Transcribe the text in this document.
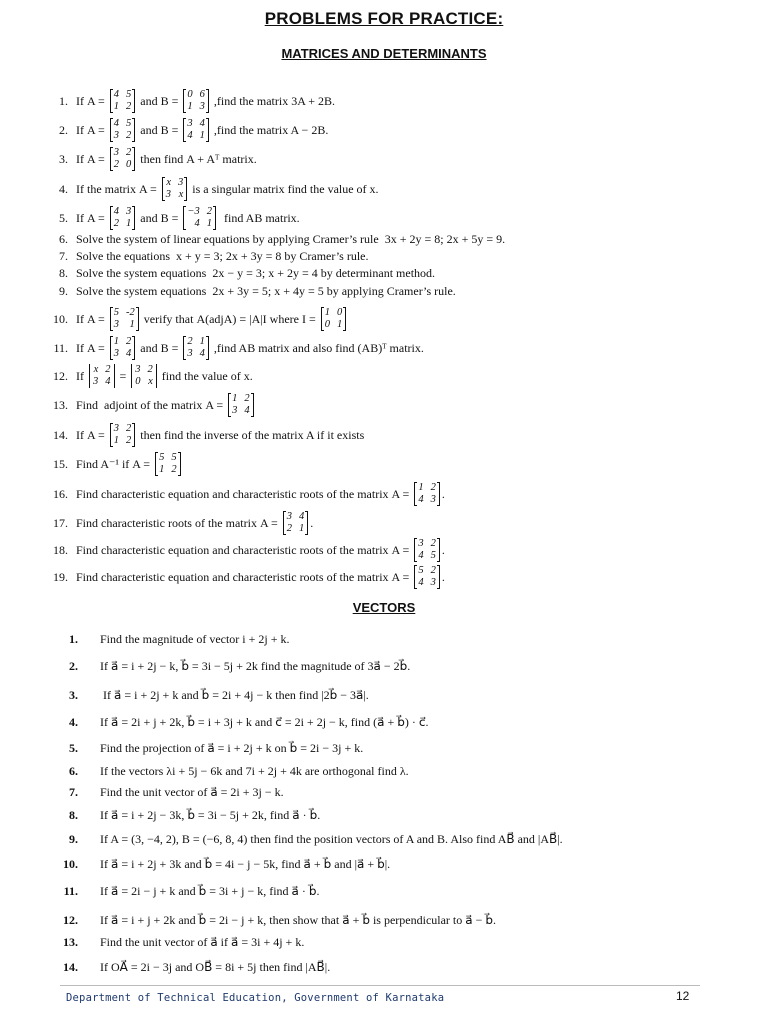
PROBLEMS FOR PRACTICE:
MATRICES AND DETERMINANTS
1. If A = 4 5
1 2 and B = 0 6
1 3 ,find the matrix 3A + 2B.
2. If A = 4 5
3 2 and B = 3 4
4 1 ,find the matrix A − 2B.
3. If A = 3 2
2 0 then find A + Aᵀ matrix.
4. If the matrix A = x 3
3 x is a singular matrix find the value of x.
5. If A = 4 3
2 1 and B = −3 2
4 1 find AB matrix.
6. Solve the system of linear equations by applying Cramer’s rule  3x + 2y = 8; 2x + 5y = 9.
7. Solve the equations  x + y = 3; 2x + 3y = 8 by Cramer’s rule.
8. Solve the system equations  2x − y = 3; x + 2y = 4 by determinant method.
9. Solve the system equations  2x + 3y = 5; x + 4y = 5 by applying Cramer’s rule.
10. If A = 5 -2
3	1 verify that A(adjA) = |A|I where I = 1 0
0 1
11. If A = 1 2
3 4 and B = 2 1
3 4 ,find AB matrix and also find (AB)ᵀ matrix.
12. If x 2
3 4 = 3 2
0 x find the value of x.
13. Find  adjoint of the matrix A = 1 2
3 4
14. If A = 3 2
1 2 then find the inverse of the matrix A if it exists
15. Find A⁻¹ if A = 5 5
1 2
16. Find characteristic equation and characteristic roots of the matrix A = 1 2
4 3 .
17. Find characteristic roots of the matrix A = 3 4
2 1 .
18. Find characteristic equation and characteristic roots of the matrix A = 3 2
4 5 .
19. Find characteristic equation and characteristic roots of the matrix A = 5 2
4 3 .
VECTORS
1. Find the magnitude of vector i + 2j + k.
2. If a⃗ = i + 2j − k, b⃗ = 3i − 5j + 2k find the magnitude of 3a⃗ − 2b⃗.
3. If a⃗ = i + 2j + k and b⃗ = 2i + 4j − k then find |2b⃗ − 3a⃗|.
4. If a⃗ = 2i + j + 2k, b⃗ = i + 3j + k and c⃗ = 2i + 2j − k, find (a⃗ + b⃗) · c⃗.
5. Find the projection of a⃗ = i + 2j + k on b⃗ = 2i − 3j + k.
6. If the vectors λi + 5j − 6k and 7i + 2j + 4k are orthogonal find λ.
7. Find the unit vector of a⃗ = 2i + 3j − k.
8. If a⃗ = i + 2j − 3k, b⃗ = 3i − 5j + 2k, find a⃗ · b⃗.
9. If A = (3, −4, 2), B = (−6, 8, 4) then find the position vectors of A and B. Also find AB⃗ and |AB⃗|.
10. If a⃗ = i + 2j + 3k and b⃗ = 4i − j − 5k, find a⃗ + b⃗ and |a⃗ + b⃗|.
11. If a⃗ = 2i − j + k and b⃗ = 3i + j − k, find a⃗ · b⃗.
12. If a⃗ = i + j + 2k and b⃗ = 2i − j + k, then show that a⃗ + b⃗ is perpendicular to a⃗ − b⃗.
13. Find the unit vector of a⃗ if a⃗ = 3i + 4j + k.
14. If OA⃗ = 2i − 3j and OB⃗ = 8i + 5j then find |AB⃗|.
Department of Technical Education, Government of Karnataka	12
